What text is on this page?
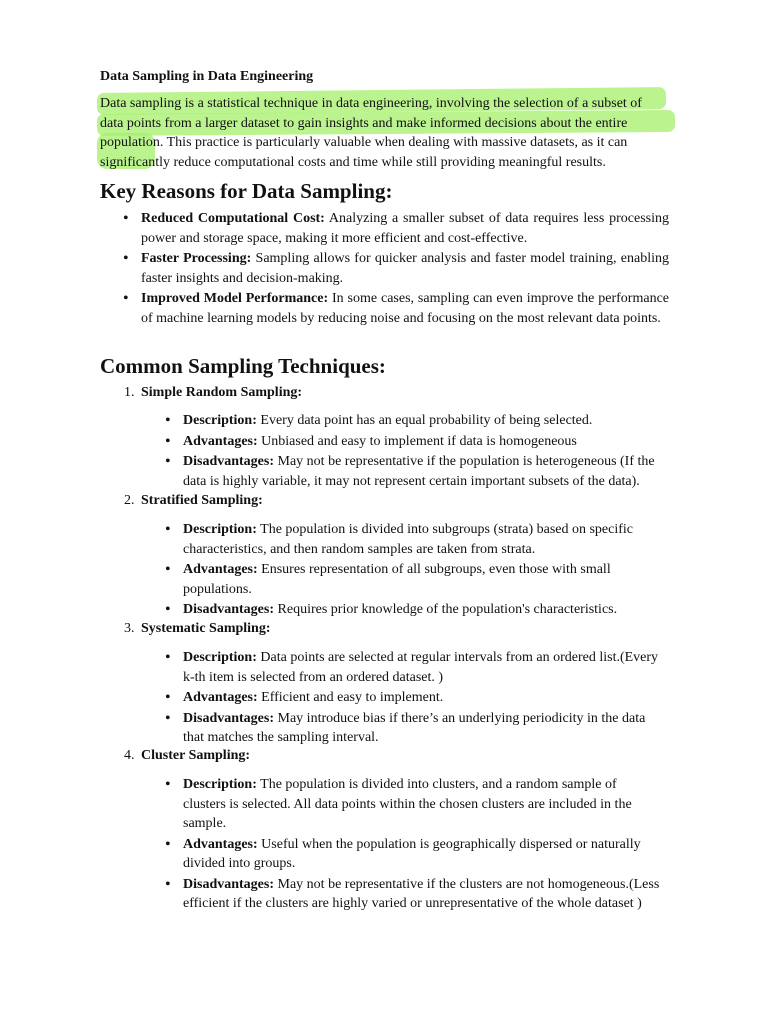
Data Sampling in Data Engineering

Data sampling is a statistical technique in data engineering, involving the selection of a subset of

data points from a larger dataset to gain insights and make informed decisions about the entire

population. This practice is particularly valuable when dealing with massive datasets, as it can

significantly reduce computational costs and time while still providing meaningful results.

Key Reasons for Data Sampling:
• Reduced Computational Cost: Analyzing a smaller subset of data requires less processing power and storage space, making it more efficient and cost-effective.
• Faster Processing: Sampling allows for quicker analysis and faster model training, enabling faster insights and decision-making.
• Improved Model Performance: In some cases, sampling can even improve the performance of machine learning models by reducing noise and focusing on the most relevant data points.
Common Sampling Techniques:

1. Simple Random Sampling:

• Description: Every data point has an equal probability of being selected.
• Advantages: Unbiased and easy to implement if data is homogeneous
• Disadvantages: May not be representative if the population is heterogeneous (If the data is highly variable, it may not represent certain important subsets of the data).

2. Stratified Sampling:

• Description: The population is divided into subgroups (strata) based on specific characteristics, and then random samples are taken from strata.
• Advantages: Ensures representation of all subgroups, even those with small populations.
• Disadvantages: Requires prior knowledge of the population's characteristics.

3. Systematic Sampling:

• Description: Data points are selected at regular intervals from an ordered list.(Every k-th item is selected from an ordered dataset. )
• Advantages: Efficient and easy to implement.
• Disadvantages: May introduce bias if there’s an underlying periodicity in the data that matches the sampling interval.

4. Cluster Sampling:

• Description: The population is divided into clusters, and a random sample of clusters is selected. All data points within the chosen clusters are included in the sample.
• Advantages: Useful when the population is geographically dispersed or naturally divided into groups.
• Disadvantages: May not be representative if the clusters are not homogeneous.(Less efficient if the clusters are highly varied or unrepresentative of the whole dataset )
